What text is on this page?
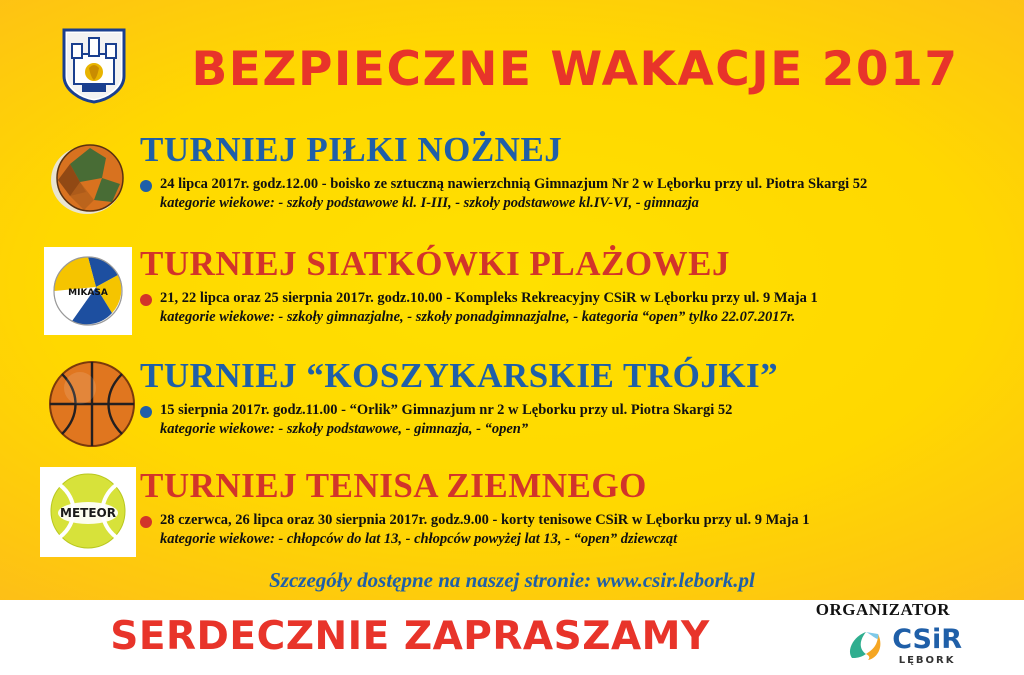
BEZPIECZNE WAKACJE 2017
TURNIEJ PIŁKI NOŻNEJ
24 lipca 2017r. godz.12.00 - boisko ze sztuczną nawierzchnią Gimnazjum Nr 2 w Lęborku przy ul. Piotra Skargi 52
kategorie wiekowe: - szkoły podstawowe kl. I-III, - szkoły podstawowe kl.IV-VI, - gimnazja
MIKASA
TURNIEJ SIATKÓWKI PLAŻOWEJ
21, 22 lipca oraz 25 sierpnia 2017r. godz.10.00 - Kompleks Rekreacyjny CSiR w Lęborku przy ul. 9 Maja 1
kategorie wiekowe: - szkoły gimnazjalne, - szkoły ponadgimnazjalne, - kategoria “open” tylko 22.07.2017r.
TURNIEJ “KOSZYKARSKIE TRÓJKI”
15 sierpnia 2017r. godz.11.00 - “Orlik” Gimnazjum nr 2 w Lęborku przy ul. Piotra Skargi 52
kategorie wiekowe: - szkoły podstawowe, - gimnazja, - “open”
METEOR
TURNIEJ TENISA ZIEMNEGO
28 czerwca, 26 lipca oraz 30 sierpnia 2017r. godz.9.00 - korty tenisowe CSiR w Lęborku przy ul. 9 Maja 1
kategorie wiekowe: - chłopców do lat 13, - chłopców powyżej lat 13, - “open” dziewcząt
Szczegóły dostępne na naszej stronie: www.csir.lebork.pl
SERDECZNIE ZAPRASZAMY
ORGANIZATOR
CSiR
LĘBORK
